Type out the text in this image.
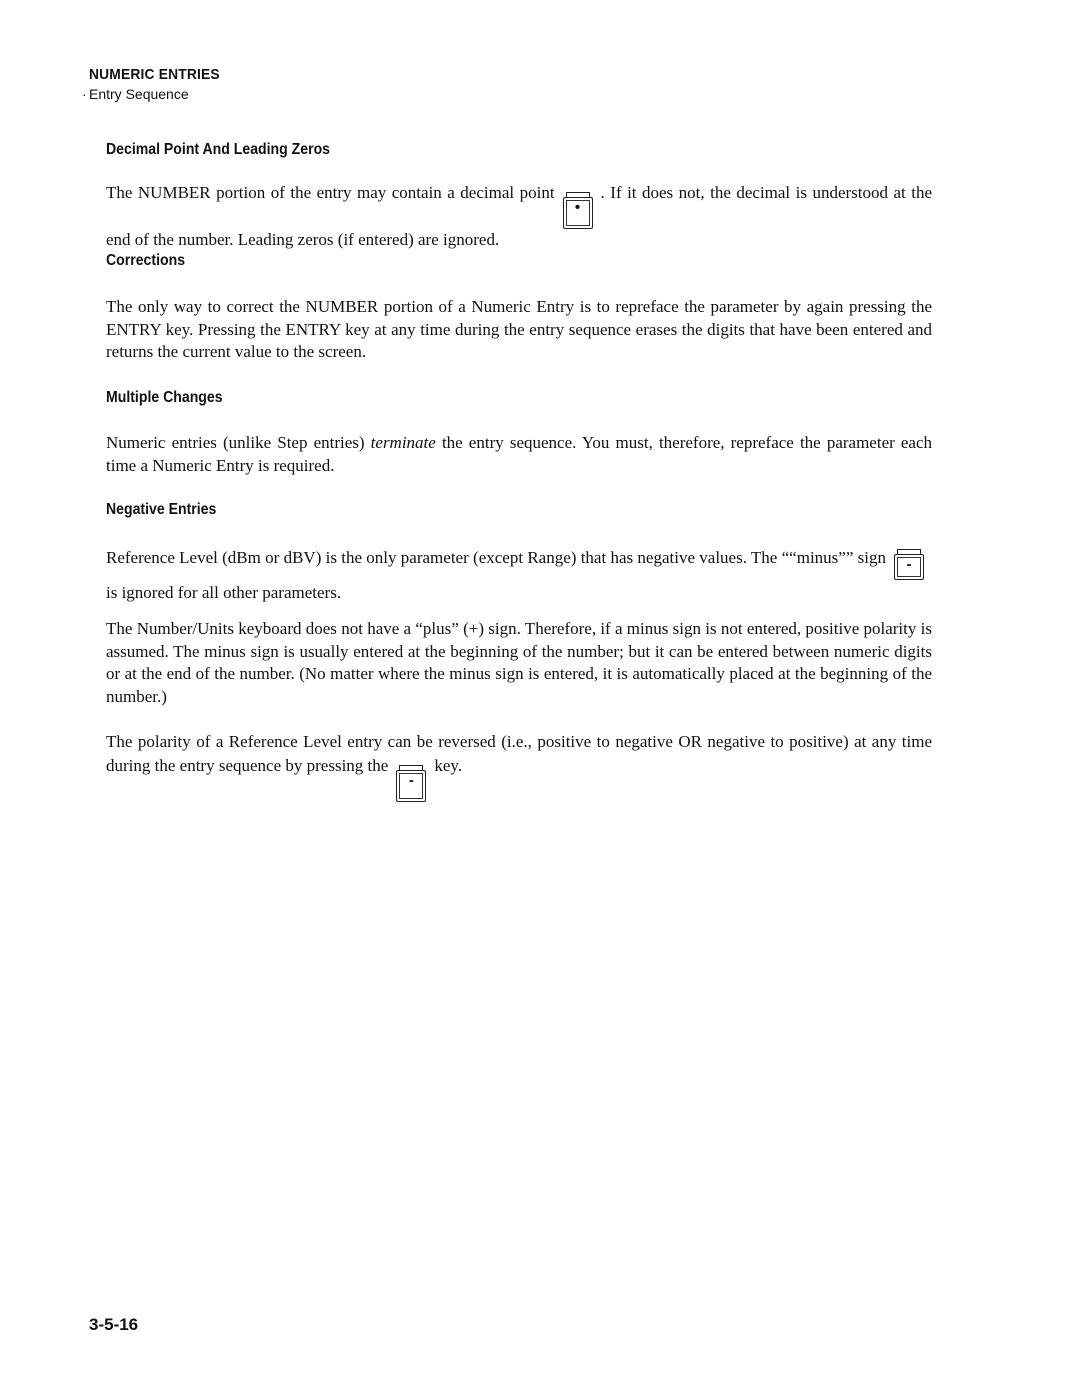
·
NUMERIC ENTRIES
Entry Sequence
Decimal Point And Leading Zeros

The NUMBER portion of the entry may contain a decimal point•. If it does not, the decimal is understood at the end of the number. Leading zeros (if entered) are ignored.

Corrections

The only way to correct the NUMBER portion of a Numeric Entry is to repreface the parameter by again pressing the ENTRY key. Pressing the ENTRY key at any time during the entry sequence erases the digits that have been entered and returns the current value to the screen.

Multiple Changes

Numeric entries (unlike Step entries) terminate the entry sequence. You must, therefore, repreface the parameter each time a Numeric Entry is required.

Negative Entries

Reference Level (dBm or dBV) is the only parameter (except Range) that has negative values. The ““minus”” sign -is ignored for all other parameters.

The Number/Units keyboard does not have a “plus” (+) sign. Therefore, if a minus sign is not entered, positive polarity is assumed. The minus sign is usually entered at the beginning of the number; but it can be entered between numeric digits or at the end of the number. (No matter where the minus sign is entered, it is automatically placed at the beginning of the number.)

The polarity of a Reference Level entry can be reversed (i.e., positive to negative OR negative to positive) at any time during the entry sequence by pressing the-key.

3-5-16
